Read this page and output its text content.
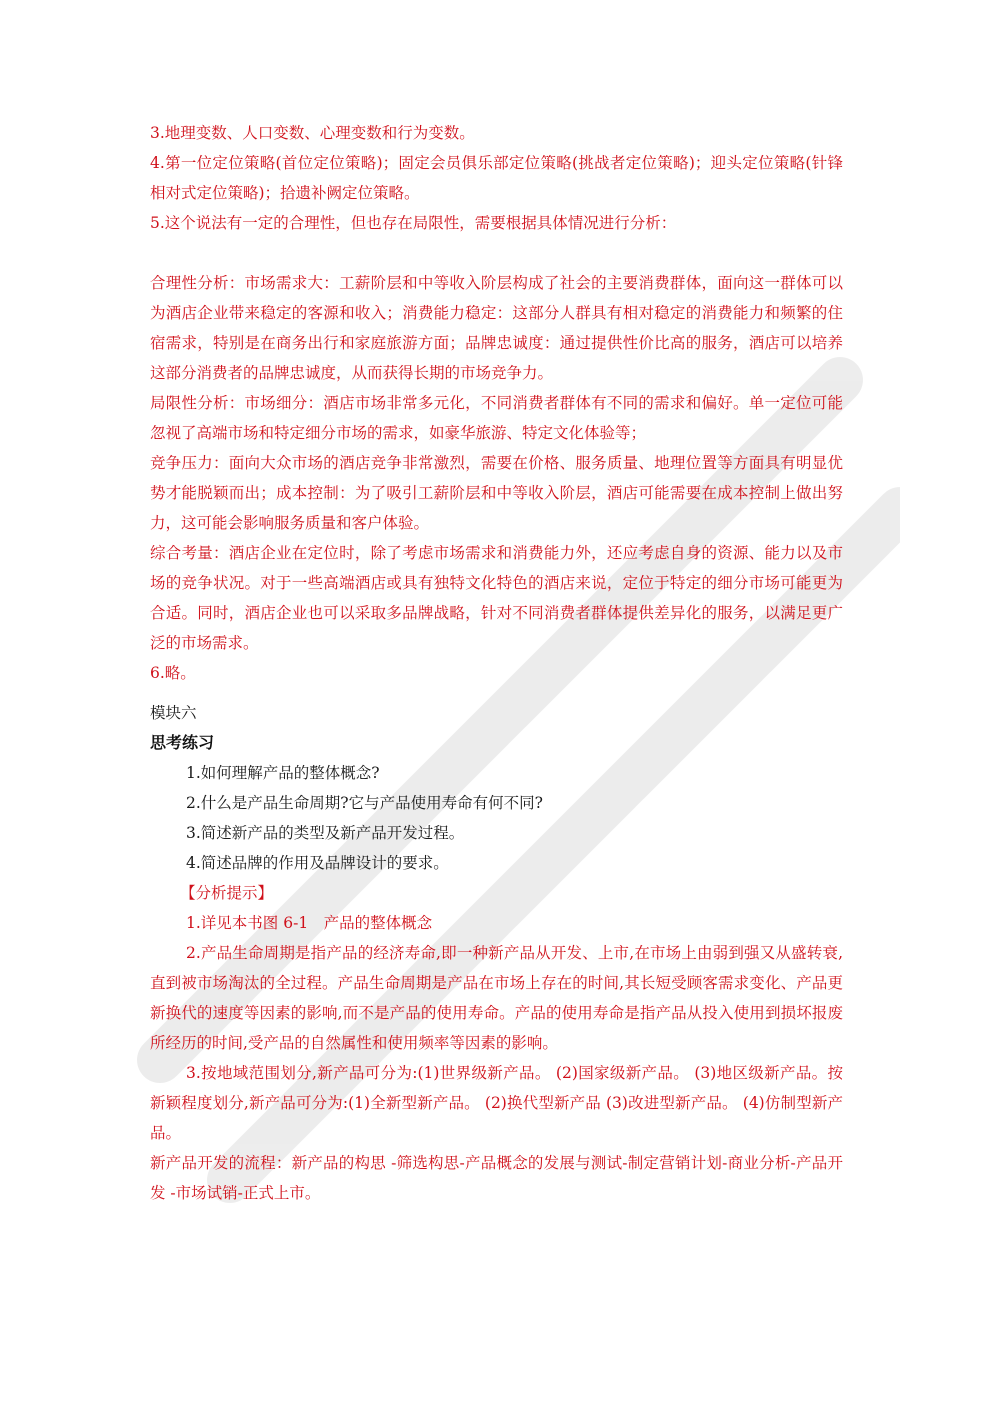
3.地理变数、人口变数、心理变数和行为变数。

4.第一位定位策略(首位定位策略)；固定会员俱乐部定位策略(挑战者定位策略)；迎头定位策略(针锋相对式定位策略)；拾遗补阙定位策略。

5.这个说法有一定的合理性，但也存在局限性，需要根据具体情况进行分析：

合理性分析：市场需求大：工薪阶层和中等收入阶层构成了社会的主要消费群体，面向这一群体可以为酒店企业带来稳定的客源和收入；消费能力稳定：这部分人群具有相对稳定的消费能力和频繁的住宿需求，特别是在商务出行和家庭旅游方面；品牌忠诚度：通过提供性价比高的服务，酒店可以培养这部分消费者的品牌忠诚度，从而获得长期的市场竞争力。

局限性分析：市场细分：酒店市场非常多元化，不同消费者群体有不同的需求和偏好。单一定位可能忽视了高端市场和特定细分市场的需求，如豪华旅游、特定文化体验等；

竞争压力：面向大众市场的酒店竞争非常激烈，需要在价格、服务质量、地理位置等方面具有明显优势才能脱颖而出；成本控制：为了吸引工薪阶层和中等收入阶层，酒店可能需要在成本控制上做出努力，这可能会影响服务质量和客户体验。

综合考量：酒店企业在定位时，除了考虑市场需求和消费能力外，还应考虑自身的资源、能力以及市场的竞争状况。对于一些高端酒店或具有独特文化特色的酒店来说，定位于特定的细分市场可能更为合适。同时，酒店企业也可以采取多品牌战略，针对不同消费者群体提供差异化的服务，以满足更广泛的市场需求。

6.略。

模块六

思考练习

1.如何理解产品的整体概念?

2.什么是产品生命周期?它与产品使用寿命有何不同?

3.简述新产品的类型及新产品开发过程。

4.简述品牌的作用及品牌设计的要求。

【分析提示】

1.详见本书图 6-1　产品的整体概念

2.产品生命周期是指产品的经济寿命,即一种新产品从开发、上市,在市场上由弱到强又从盛转衰,直到被市场淘汰的全过程。产品生命周期是产品在市场上存在的时间,其长短受顾客需求变化、产品更新换代的速度等因素的影响,而不是产品的使用寿命。产品的使用寿命是指产品从投入使用到损坏报废所经历的时间,受产品的自然属性和使用频率等因素的影响。

3.按地域范围划分,新产品可分为:(1)世界级新产品。 (2)国家级新产品。 (3)地区级新产品。按新颖程度划分,新产品可分为:(1)全新型新产品。 (2)换代型新产品 (3)改进型新产品。 (4)仿制型新产品。

新产品开发的流程：新产品的构思 -筛选构思-产品概念的发展与测试-制定营销计划-商业分析-产品开发 -市场试销-正式上市。
